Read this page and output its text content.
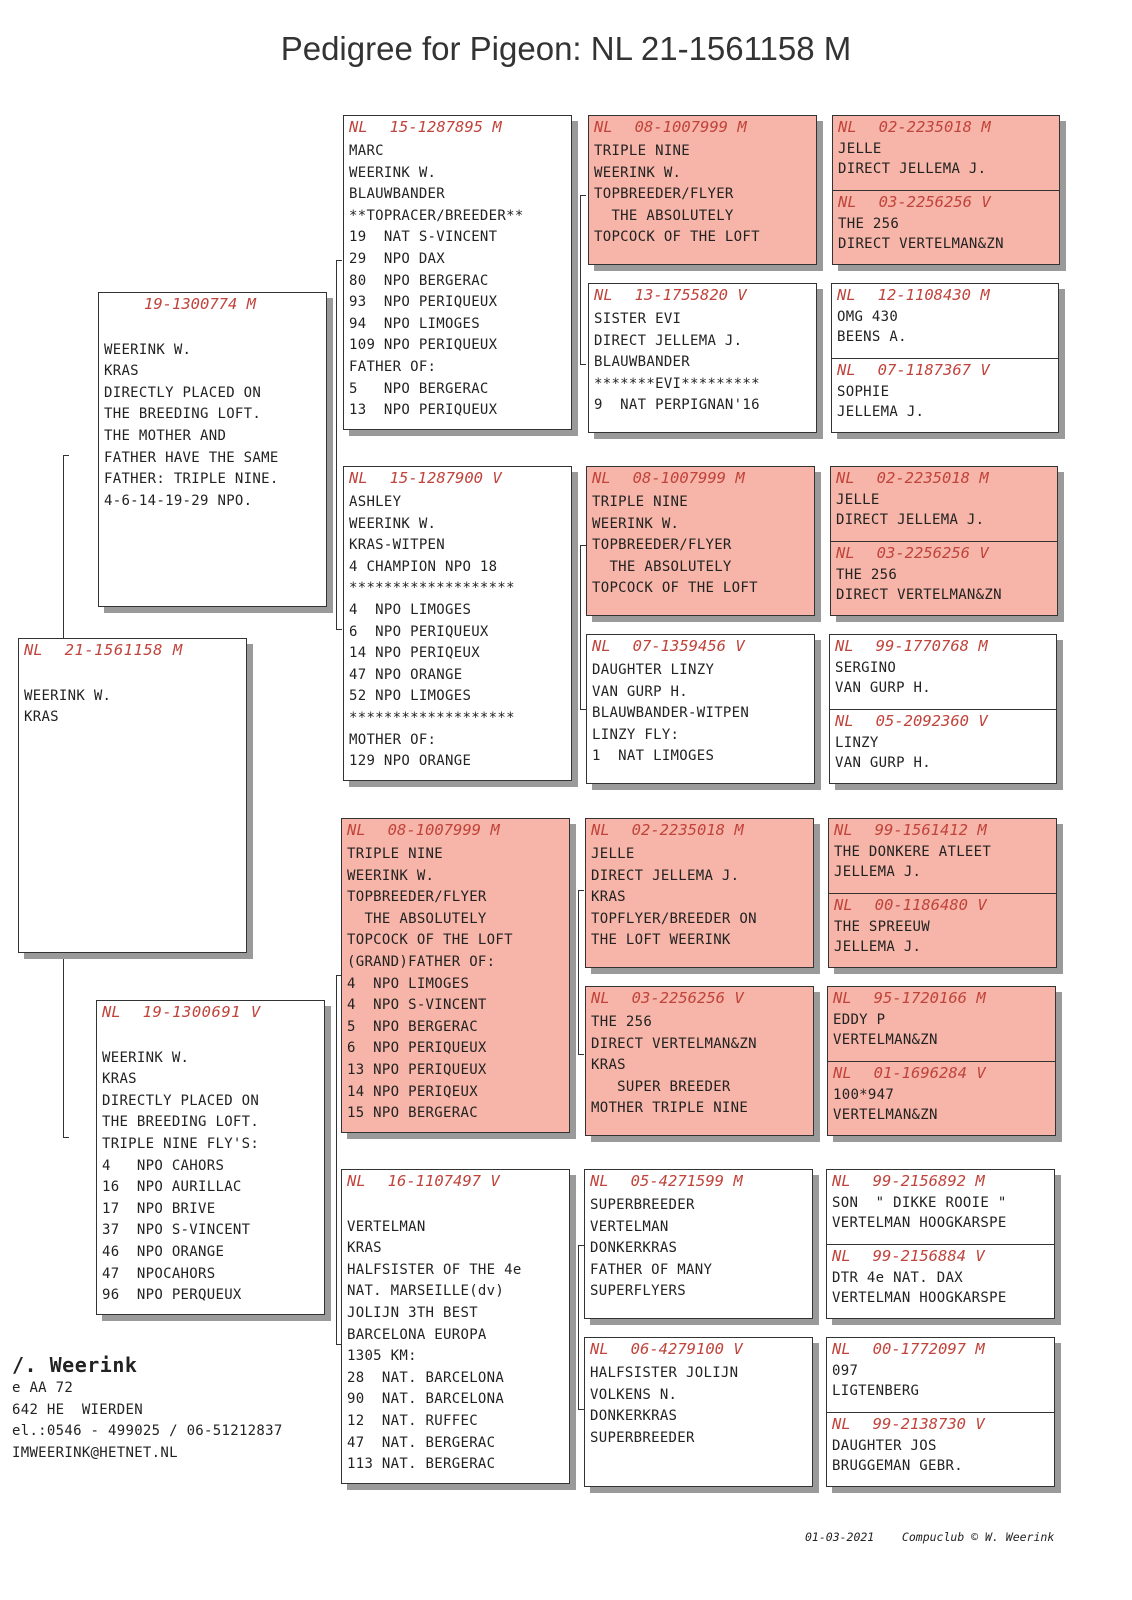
Pedigree for Pigeon: NL 21-1561158 M
NL 21-1561158 M
WEERINK W.
KRAS
19-1300774 M
WEERINK W.
KRAS
DIRECTLY PLACED ON
THE BREEDING LOFT.
THE MOTHER AND
FATHER HAVE THE SAME
FATHER: TRIPLE NINE.
4-6-14-19-29 NPO.
NL 19-1300691 V
WEERINK W.
KRAS
DIRECTLY PLACED ON
THE BREEDING LOFT.
TRIPLE NINE FLY'S:
4   NPO CAHORS
16  NPO AURILLAC
17  NPO BRIVE
37  NPO S-VINCENT
46  NPO ORANGE
47  NPOCAHORS
96  NPO PERQUEUX
NL 15-1287895 M
MARC
WEERINK W.
BLAUWBANDER
**TOPRACER/BREEDER**
19  NAT S-VINCENT
29  NPO DAX
80  NPO BERGERAC
93  NPO PERIQUEUX
94  NPO LIMOGES
109 NPO PERIQUEUX
FATHER OF:
5   NPO BERGERAC
13  NPO PERIQUEUX
NL 15-1287900 V
ASHLEY
WEERINK W.
KRAS-WITPEN
4 CHAMPION NPO 18
*******************
4  NPO LIMOGES
6  NPO PERIQUEUX
14 NPO PERIQEUX
47 NPO ORANGE
52 NPO LIMOGES
*******************
MOTHER OF:
129 NPO ORANGE
NL 08-1007999 M
TRIPLE NINE
WEERINK W.
TOPBREEDER/FLYER
THE ABSOLUTELY
TOPCOCK OF THE LOFT
(GRAND)FATHER OF:
4  NPO LIMOGES
4  NPO S-VINCENT
5  NPO BERGERAC
6  NPO PERIQUEUX
13 NPO PERIQUEUX
14 NPO PERIQEUX
15 NPO BERGERAC
NL 16-1107497 V
VERTELMAN
KRAS
HALFSISTER OF THE 4e
NAT. MARSEILLE(dv)
JOLIJN 3TH BEST
BARCELONA EUROPA
1305 KM:
28  NAT. BARCELONA
90  NAT. BARCELONA
12  NAT. RUFFEC
47  NAT. BERGERAC
113 NAT. BERGERAC
NL 08-1007999 M
TRIPLE NINE
WEERINK W.
TOPBREEDER/FLYER
THE ABSOLUTELY
TOPCOCK OF THE LOFT
NL 13-1755820 V
SISTER EVI
DIRECT JELLEMA J.
BLAUWBANDER
*******EVI*********
9  NAT PERPIGNAN'16
NL 08-1007999 M
TRIPLE NINE
WEERINK W.
TOPBREEDER/FLYER
THE ABSOLUTELY
TOPCOCK OF THE LOFT
NL 07-1359456 V
DAUGHTER LINZY
VAN GURP H.
BLAUWBANDER-WITPEN
LINZY FLY:
1  NAT LIMOGES
NL 02-2235018 M
JELLE
DIRECT JELLEMA J.
KRAS
TOPFLYER/BREEDER ON
THE LOFT WEERINK
NL 03-2256256 V
THE 256
DIRECT VERTELMAN&ZN
KRAS
SUPER BREEDER
MOTHER TRIPLE NINE
NL 05-4271599 M
SUPERBREEDER
VERTELMAN
DONKERKRAS
FATHER OF MANY
SUPERFLYERS
NL 06-4279100 V
HALFSISTER JOLIJN
VOLKENS N.
DONKERKRAS
SUPERBREEDER
NL 02-2235018 M
JELLE
DIRECT JELLEMA J.
NL 03-2256256 V
THE 256
DIRECT VERTELMAN&ZN
NL 12-1108430 M
OMG 430
BEENS A.
NL 07-1187367 V
SOPHIE
JELLEMA J.
NL 02-2235018 M
JELLE
DIRECT JELLEMA J.
NL 03-2256256 V
THE 256
DIRECT VERTELMAN&ZN
NL 99-1770768 M
SERGINO
VAN GURP H.
NL 05-2092360 V
LINZY
VAN GURP H.
NL 99-1561412 M
THE DONKERE ATLEET
JELLEMA J.
NL 00-1186480 V
THE SPREEUW
JELLEMA J.
NL 95-1720166 M
EDDY P
VERTELMAN&ZN
NL 01-1696284 V
100*947
VERTELMAN&ZN
NL 99-2156892 M
SON  " DIKKE ROOIE "
VERTELMAN HOOGKARSPE
NL 99-2156884 V
DTR 4e NAT. DAX
VERTELMAN HOOGKARSPE
NL 00-1772097 M
097
LIGTENBERG
NL 99-2138730 V
DAUGHTER JOS
BRUGGEMAN GEBR.
/. Weerink
e AA 72
642 HE  WIERDEN
el.:0546 - 499025 / 06-51212837
IMWEERINK@HETNET.NL
01-03-2021    Compuclub © W. Weerink
